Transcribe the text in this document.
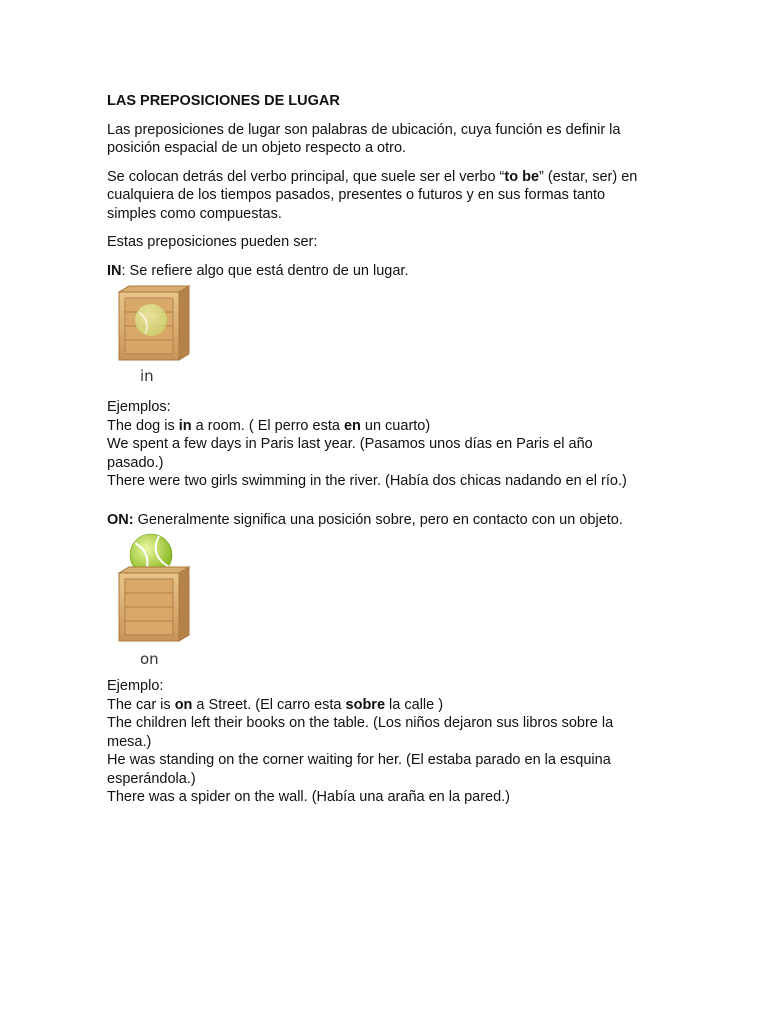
LAS PREPOSICIONES DE LUGAR

Las preposiciones de lugar son palabras de ubicación, cuya función es definir la
posición espacial de un objeto respecto a otro.

Se colocan detrás del verbo principal, que suele ser el verbo “to be” (estar, ser) en
cualquiera de los tiempos pasados, presentes o futuros y en sus formas tanto
simples como compuestas.

Estas preposiciones pueden ser:

IN: Se refiere algo que está dentro de un lugar.

in
Ejemplos:
The dog is in a room. ( El perro esta en un cuarto)
We spent a few days in Paris last year. (Pasamos unos días en Paris el año
pasado.)
There were two girls swimming in the river. (Había dos chicas nadando en el río.)

ON: Generalmente significa una posición sobre, pero en contacto con un objeto.

on
Ejemplo:
The car is on a Street. (El carro esta sobre la calle )
The children left their books on the table. (Los niños dejaron sus libros sobre la
mesa.)
He was standing on the corner waiting for her. (El estaba parado en la esquina
esperándola.)
There was a spider on the wall. (Había una araña en la pared.)
